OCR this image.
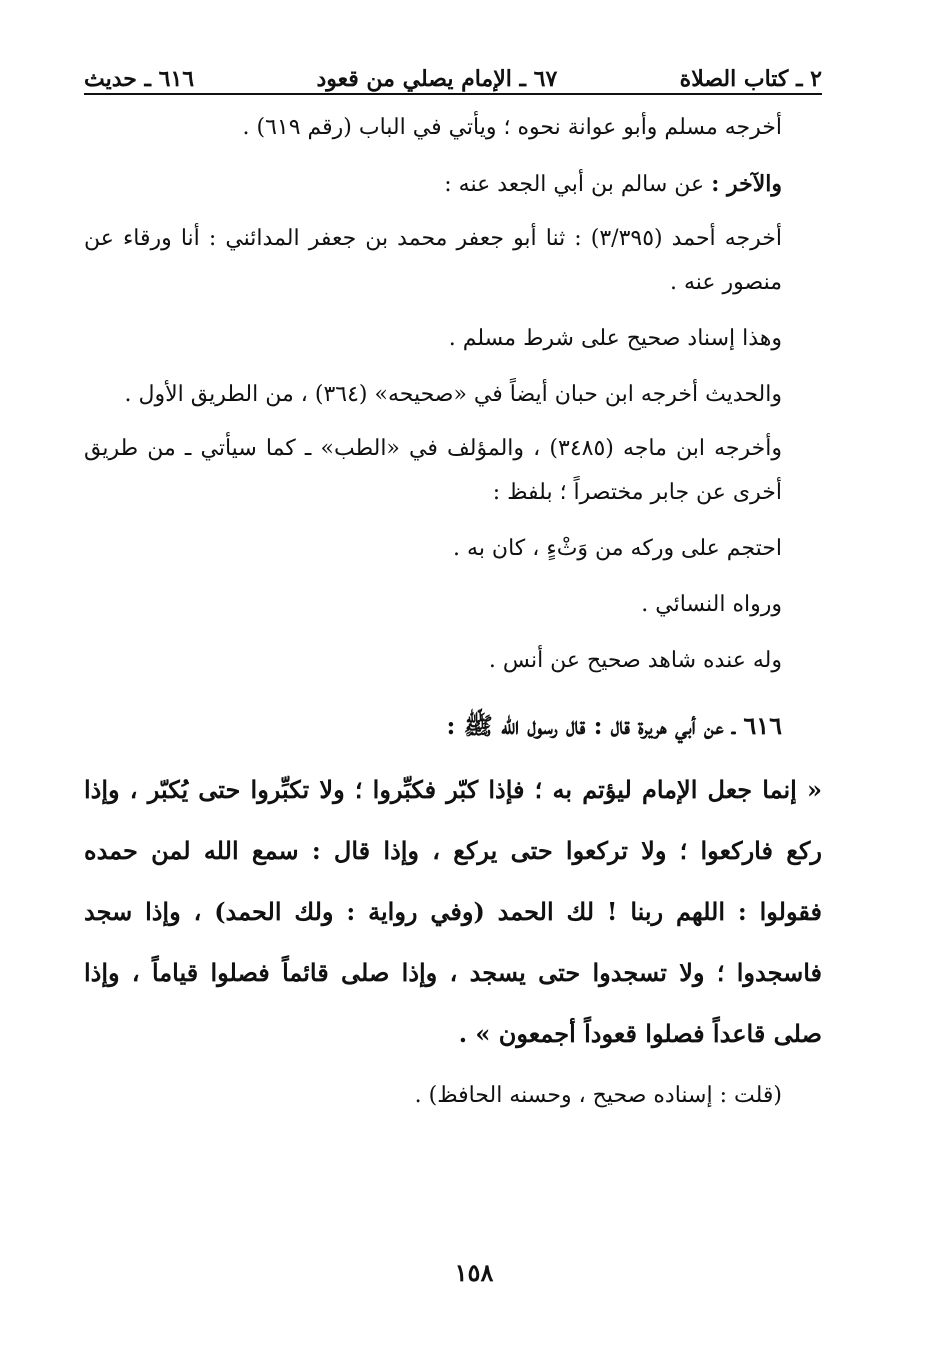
٢ ـ كتاب الصلاة
٦٧ ـ الإمام يصلي من قعود
٦١٦ ـ حديث

أخرجه مسلم وأبو عوانة نحوه ؛ ويأتي في الباب (رقم ٦١٩) .

والآخر : عن سالم بن أبي الجعد عنه :

أخرجه أحمد (٣/٣٩٥) : ثنا أبو جعفر محمد بن جعفر المدائني : أنا ورقاء عن منصور عنه .

وهذا إسناد صحيح على شرط مسلم .

والحديث أخرجه ابن حبان أيضاً في «صحيحه» (٣٦٤) ، من الطريق الأول .

وأخرجه ابن ماجه (٣٤٨٥) ، والمؤلف في «الطب» ـ كما سيأتي ـ من طريق أخرى عن جابر مختصراً ؛ بلفظ :

احتجم على وركه من وَثْءٍ ، كان به .

ورواه النسائي .

وله عنده شاهد صحيح عن أنس .

٦١٦ ـ عن أبي هريرة قال : قال رسول الله ﷺ :

« إنما جعل الإمام ليؤتم به ؛ فإذا كبّر فكبِّروا ؛ ولا تكبِّروا حتى يُكبّر ، وإذا ركع فاركعوا ؛ ولا تركعوا حتى يركع ، وإذا قال : سمع الله لمن حمده فقولوا : اللهم ربنا ! لك الحمد (وفي رواية : ولك الحمد) ، وإذا سجد فاسجدوا ؛ ولا تسجدوا حتى يسجد ، وإذا صلى قائماً فصلوا قياماً ، وإذا صلى قاعداً فصلوا قعوداً أجمعون » .

(قلت : إسناده صحيح ، وحسنه الحافظ) .
١٥٨
